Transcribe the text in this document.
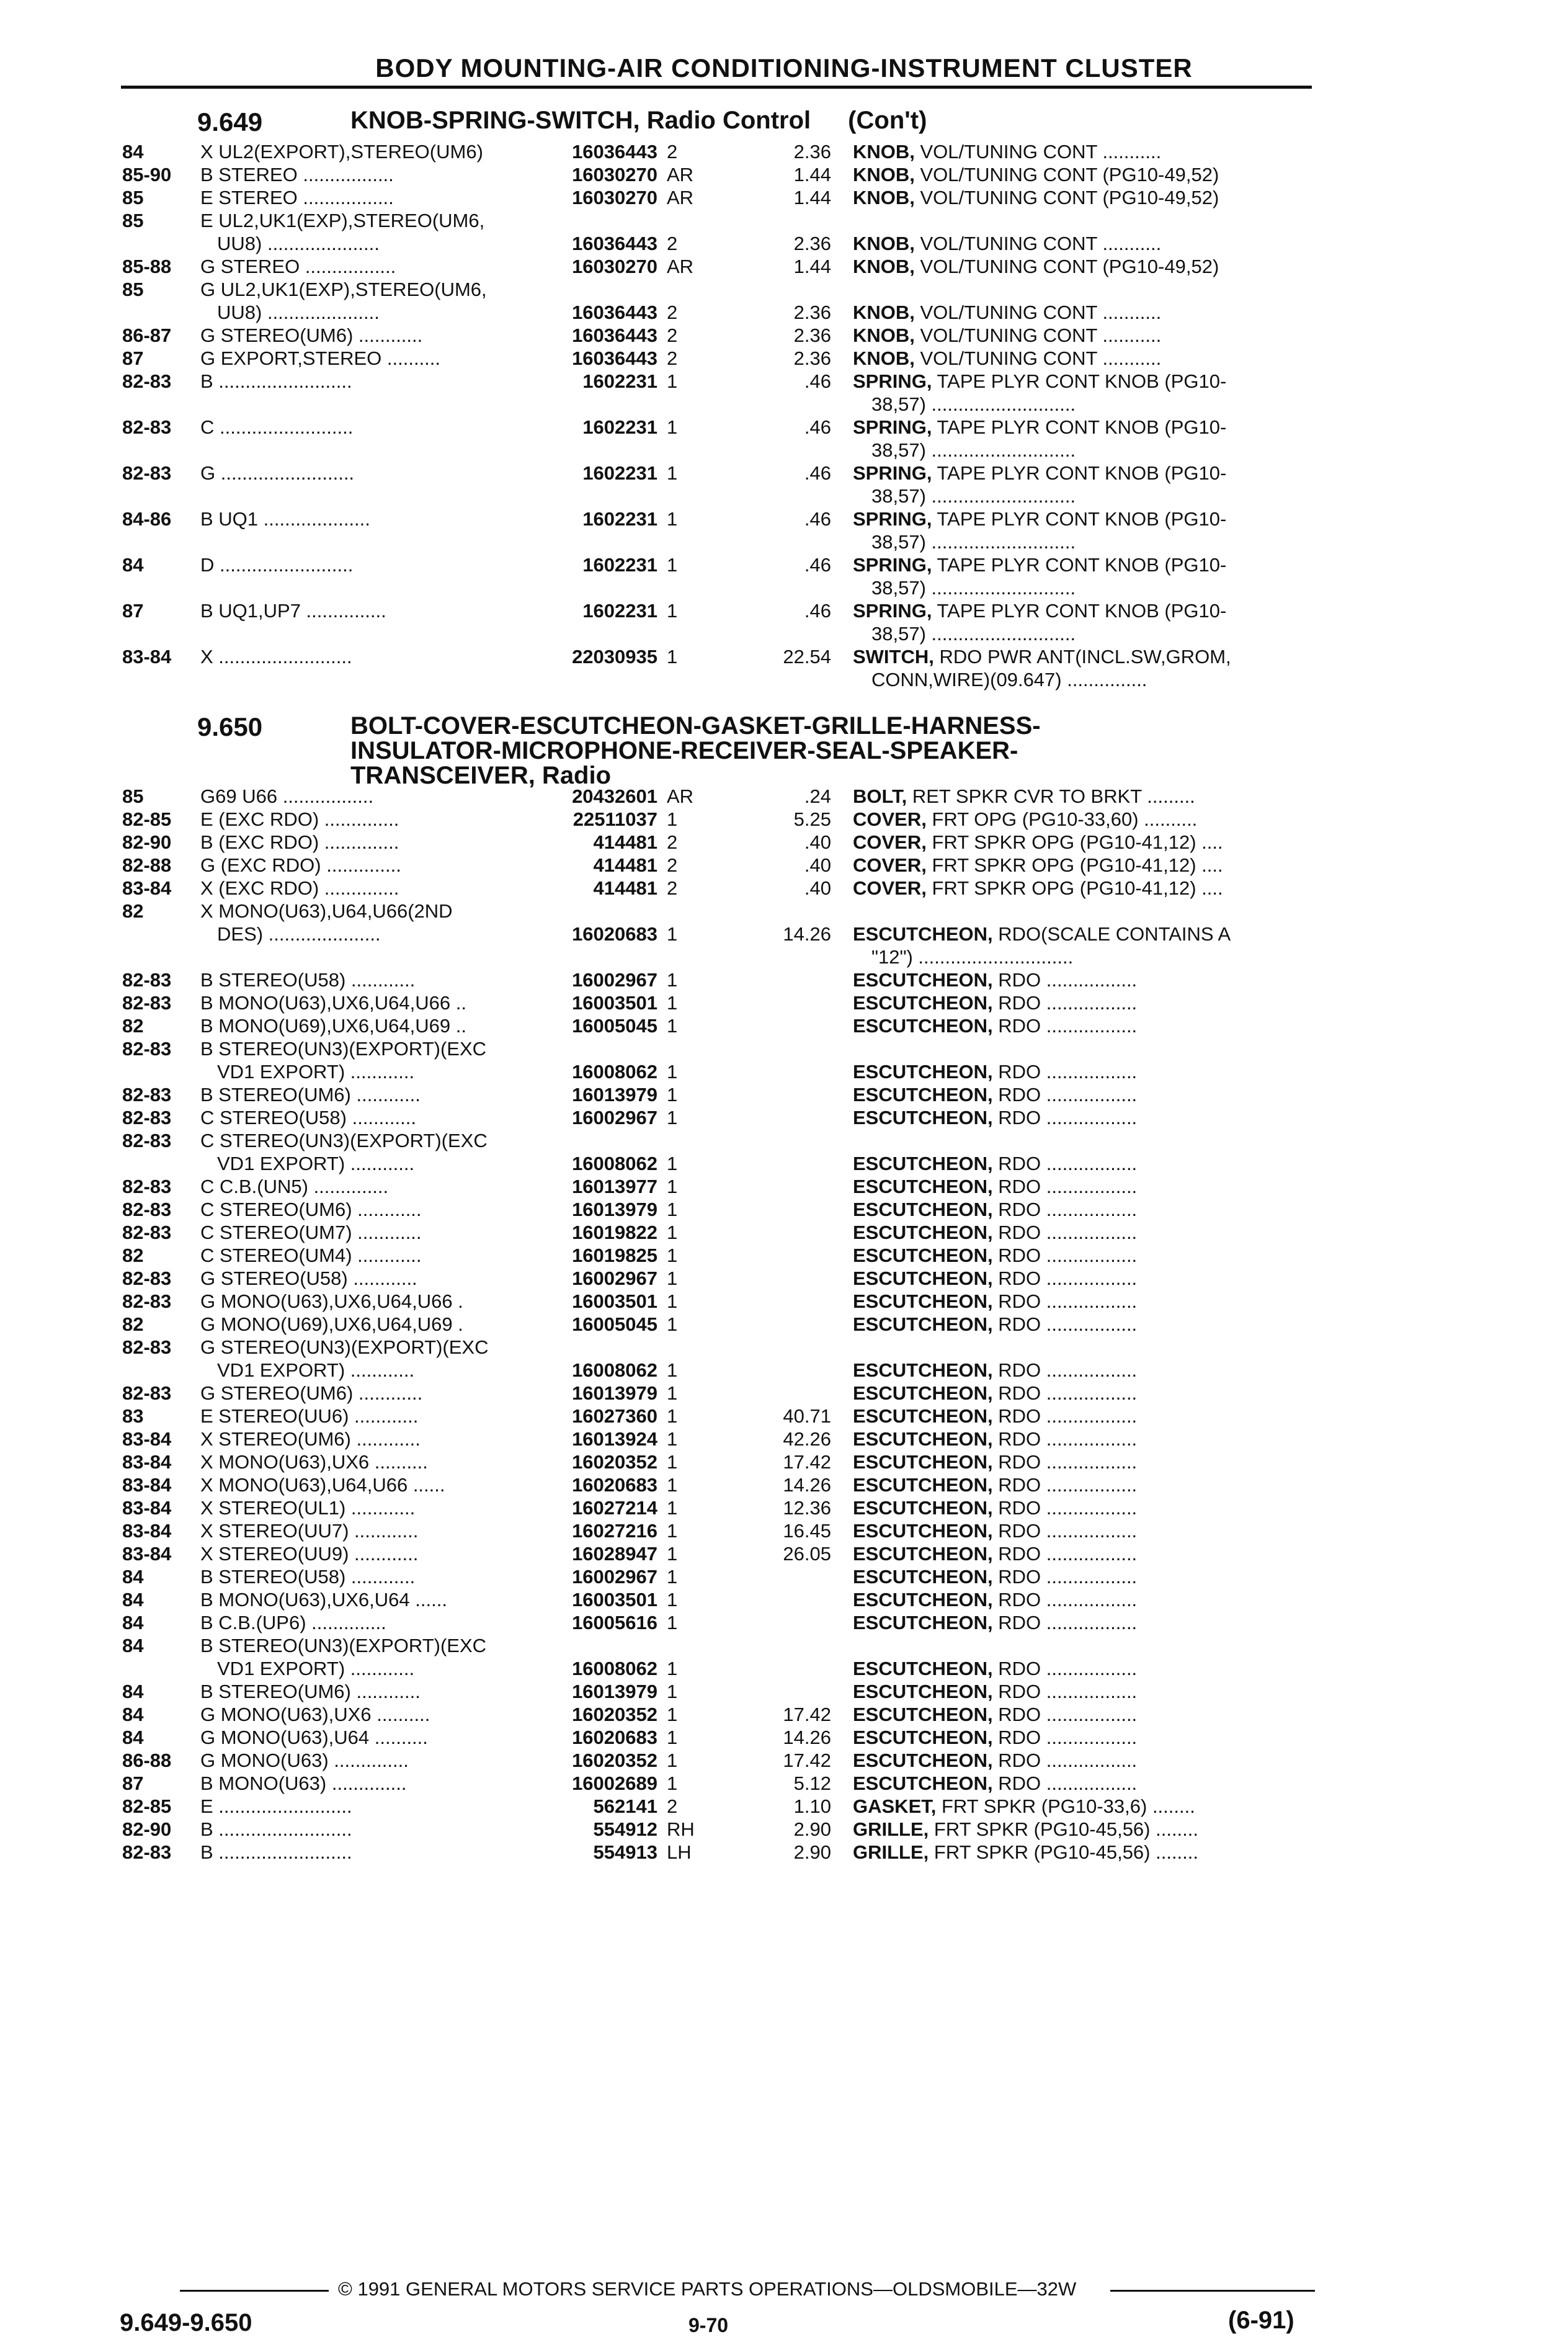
BODY MOUNTING-AIR CONDITIONING-INSTRUMENT CLUSTER
9.649	KNOB-SPRING-SWITCH, Radio Control (Con't)
9.650	BOLT-COVER-ESCUTCHEON-GASKET-GRILLE-HARNESS-
INSULATOR-MICROPHONE-RECEIVER-SEAL-SPEAKER-
TRANSCEIVER, Radio
84	X UL2(EXPORT),STEREO(UM6)	16036443 2	2.36 KNOB, VOL/TUNING CONT ...........
85-90	B STEREO .................	16030270 AR	1.44 KNOB, VOL/TUNING CONT (PG10-49,52)
85	E STEREO .................	16030270 AR	1.44 KNOB, VOL/TUNING CONT (PG10-49,52)
85	E UL2,UK1(EXP),STEREO(UM6,
UU8) .....................	16036443 2	2.36 KNOB, VOL/TUNING CONT ...........
85-88	G STEREO .................	16030270 AR	1.44 KNOB, VOL/TUNING CONT (PG10-49,52)
85	G UL2,UK1(EXP),STEREO(UM6,
UU8) .....................	16036443 2	2.36 KNOB, VOL/TUNING CONT ...........
86-87	G STEREO(UM6) ............	16036443 2	2.36 KNOB, VOL/TUNING CONT ...........
87	G EXPORT,STEREO ..........	16036443 2	2.36 KNOB, VOL/TUNING CONT ...........
82-83	B .........................	1602231 1	.46 SPRING, TAPE PLYR CONT KNOB (PG10-
38,57) ...........................
82-83	C .........................	1602231 1	.46 SPRING, TAPE PLYR CONT KNOB (PG10-
38,57) ...........................
82-83	G .........................	1602231 1	.46 SPRING, TAPE PLYR CONT KNOB (PG10-
38,57) ...........................
84-86	B UQ1 ....................	1602231 1	.46 SPRING, TAPE PLYR CONT KNOB (PG10-
38,57) ...........................
84	D .........................	1602231 1	.46 SPRING, TAPE PLYR CONT KNOB (PG10-
38,57) ...........................
87	B UQ1,UP7 ...............	1602231 1	.46 SPRING, TAPE PLYR CONT KNOB (PG10-
38,57) ...........................
83-84	X .........................	22030935 1	22.54 SWITCH, RDO PWR ANT(INCL.SW,GROM,
CONN,WIRE)(09.647) ...............
85	G69 U66 .................	20432601 AR	.24 BOLT, RET SPKR CVR TO BRKT .........
82-85	E (EXC RDO) ..............	22511037 1	5.25 COVER, FRT OPG (PG10-33,60) ..........
82-90	B (EXC RDO) ..............	414481 2	.40 COVER, FRT SPKR OPG (PG10-41,12) ....
82-88	G (EXC RDO) ..............	414481 2	.40 COVER, FRT SPKR OPG (PG10-41,12) ....
83-84	X (EXC RDO) ..............	414481 2	.40 COVER, FRT SPKR OPG (PG10-41,12) ....
82	X MONO(U63),U64,U66(2ND
DES) .....................	16020683 1	14.26 ESCUTCHEON, RDO(SCALE CONTAINS A
"12") .............................
82-83	B STEREO(U58) ............	16002967 1	ESCUTCHEON, RDO .................
82-83	B MONO(U63),UX6,U64,U66 ..	16003501 1	ESCUTCHEON, RDO .................
82	B MONO(U69),UX6,U64,U69 ..	16005045 1	ESCUTCHEON, RDO .................
82-83	B STEREO(UN3)(EXPORT)(EXC
VD1 EXPORT) ............	16008062 1	ESCUTCHEON, RDO .................
82-83	B STEREO(UM6) ............	16013979 1	ESCUTCHEON, RDO .................
82-83	C STEREO(U58) ............	16002967 1	ESCUTCHEON, RDO .................
82-83	C STEREO(UN3)(EXPORT)(EXC
VD1 EXPORT) ............	16008062 1	ESCUTCHEON, RDO .................
82-83	C C.B.(UN5) ..............	16013977 1	ESCUTCHEON, RDO .................
82-83	C STEREO(UM6) ............	16013979 1	ESCUTCHEON, RDO .................
82-83	C STEREO(UM7) ............	16019822 1	ESCUTCHEON, RDO .................
82	C STEREO(UM4) ............	16019825 1	ESCUTCHEON, RDO .................
82-83	G STEREO(U58) ............	16002967 1	ESCUTCHEON, RDO .................
82-83	G MONO(U63),UX6,U64,U66 .	16003501 1	ESCUTCHEON, RDO .................
82	G MONO(U69),UX6,U64,U69 .	16005045 1	ESCUTCHEON, RDO .................
82-83	G STEREO(UN3)(EXPORT)(EXC
VD1 EXPORT) ............	16008062 1	ESCUTCHEON, RDO .................
82-83	G STEREO(UM6) ............	16013979 1	ESCUTCHEON, RDO .................
83	E STEREO(UU6) ............	16027360 1	40.71 ESCUTCHEON, RDO .................
83-84	X STEREO(UM6) ............	16013924 1	42.26 ESCUTCHEON, RDO .................
83-84	X MONO(U63),UX6 ..........	16020352 1	17.42 ESCUTCHEON, RDO .................
83-84	X MONO(U63),U64,U66 ......	16020683 1	14.26 ESCUTCHEON, RDO .................
83-84	X STEREO(UL1) ............	16027214 1	12.36 ESCUTCHEON, RDO .................
83-84	X STEREO(UU7) ............	16027216 1	16.45 ESCUTCHEON, RDO .................
83-84	X STEREO(UU9) ............	16028947 1	26.05 ESCUTCHEON, RDO .................
84	B STEREO(U58) ............	16002967 1	ESCUTCHEON, RDO .................
84	B MONO(U63),UX6,U64 ......	16003501 1	ESCUTCHEON, RDO .................
84	B C.B.(UP6) ..............	16005616 1	ESCUTCHEON, RDO .................
84	B STEREO(UN3)(EXPORT)(EXC
VD1 EXPORT) ............	16008062 1	ESCUTCHEON, RDO .................
84	B STEREO(UM6) ............	16013979 1	ESCUTCHEON, RDO .................
84	G MONO(U63),UX6 ..........	16020352 1	17.42 ESCUTCHEON, RDO .................
84	G MONO(U63),U64 ..........	16020683 1	14.26 ESCUTCHEON, RDO .................
86-88	G MONO(U63) ..............	16020352 1	17.42 ESCUTCHEON, RDO .................
87	B MONO(U63) ..............	16002689 1	5.12 ESCUTCHEON, RDO .................
82-85	E .........................	562141 2	1.10 GASKET, FRT SPKR (PG10-33,6) ........
82-90	B .........................	554912 RH	2.90 GRILLE, FRT SPKR (PG10-45,56) ........
82-83	B .........................	554913 LH	2.90 GRILLE, FRT SPKR (PG10-45,56) ........
© 1991 GENERAL MOTORS SERVICE PARTS OPERATIONS—OLDSMOBILE—32W
9.649-9.650	9-70	(6-91)
